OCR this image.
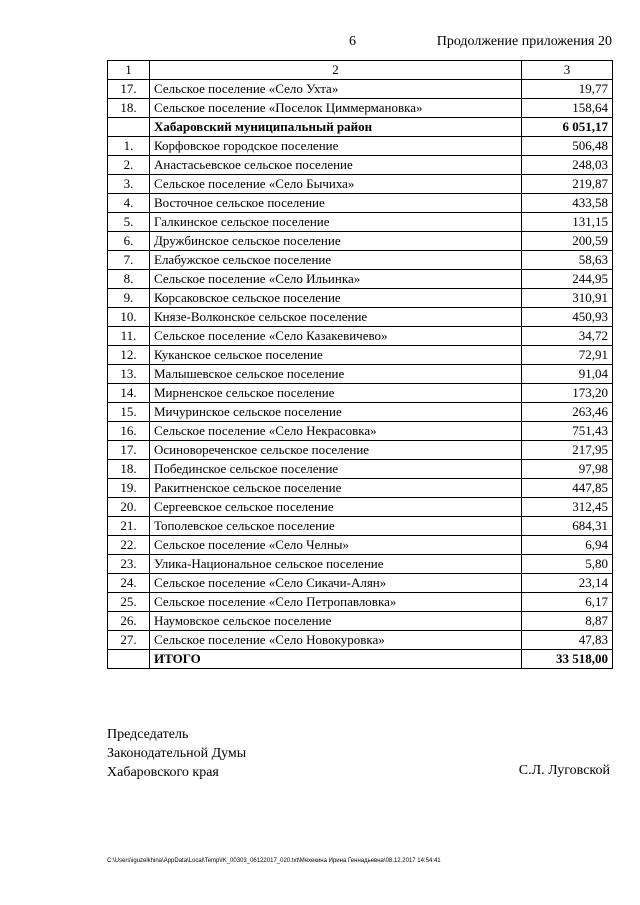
6	Продолжение приложения 20
1	2	3
17.	Сельское поселение «Село Ухта»	19,77
18.	Сельское поселение «Поселок Циммермановка»	158,64
	Хабаровский муниципальный район	6 051,17
1.	Корфовское городское поселение	506,48
2.	Анастасьевское сельское поселение	248,03
3.	Сельское поселение «Село Бычиха»	219,87
4.	Восточное сельское поселение	433,58
5.	Галкинское сельское поселение	131,15
6.	Дружбинское сельское поселение	200,59
7.	Елабужское сельское поселение	58,63
8.	Сельское поселение «Село Ильинка»	244,95
9.	Корсаковское сельское поселение	310,91
10.	Князе-Волконское сельское поселение	450,93
11.	Сельское поселение «Село Казакевичево»	34,72
12.	Куканское сельское поселение	72,91
13.	Малышевское сельское поселение	91,04
14.	Мирненское сельское поселение	173,20
15.	Мичуринское сельское поселение	263,46
16.	Сельское поселение «Село Некрасовка»	751,43
17.	Осиновореченское сельское поселение	217,95
18.	Побединское сельское поселение	97,98
19.	Ракитненское сельское поселение	447,85
20.	Сергеевское сельское поселение	312,45
21.	Тополевское сельское поселение	684,31
22.	Сельское поселение «Село Челны»	6,94
23.	Улика-Национальное сельское поселение	5,80
24.	Сельское поселение «Село Сикачи-Алян»	23,14
25.	Сельское поселение «Село Петропавловка»	6,17
26.	Наумовское сельское поселение	8,87
27.	Сельское поселение «Село Новокуровка»	47,83
	ИТОГО	33 518,00
Председатель
Законодательной Думы
Хабаровского края	С.Л. Луговской
C:\Users\iguzelkhina\AppData\Local\Temp\IK_00303_06122017_020.txt\Мехекина Ирина Геннадьевна\08.12.2017 14:54:41
